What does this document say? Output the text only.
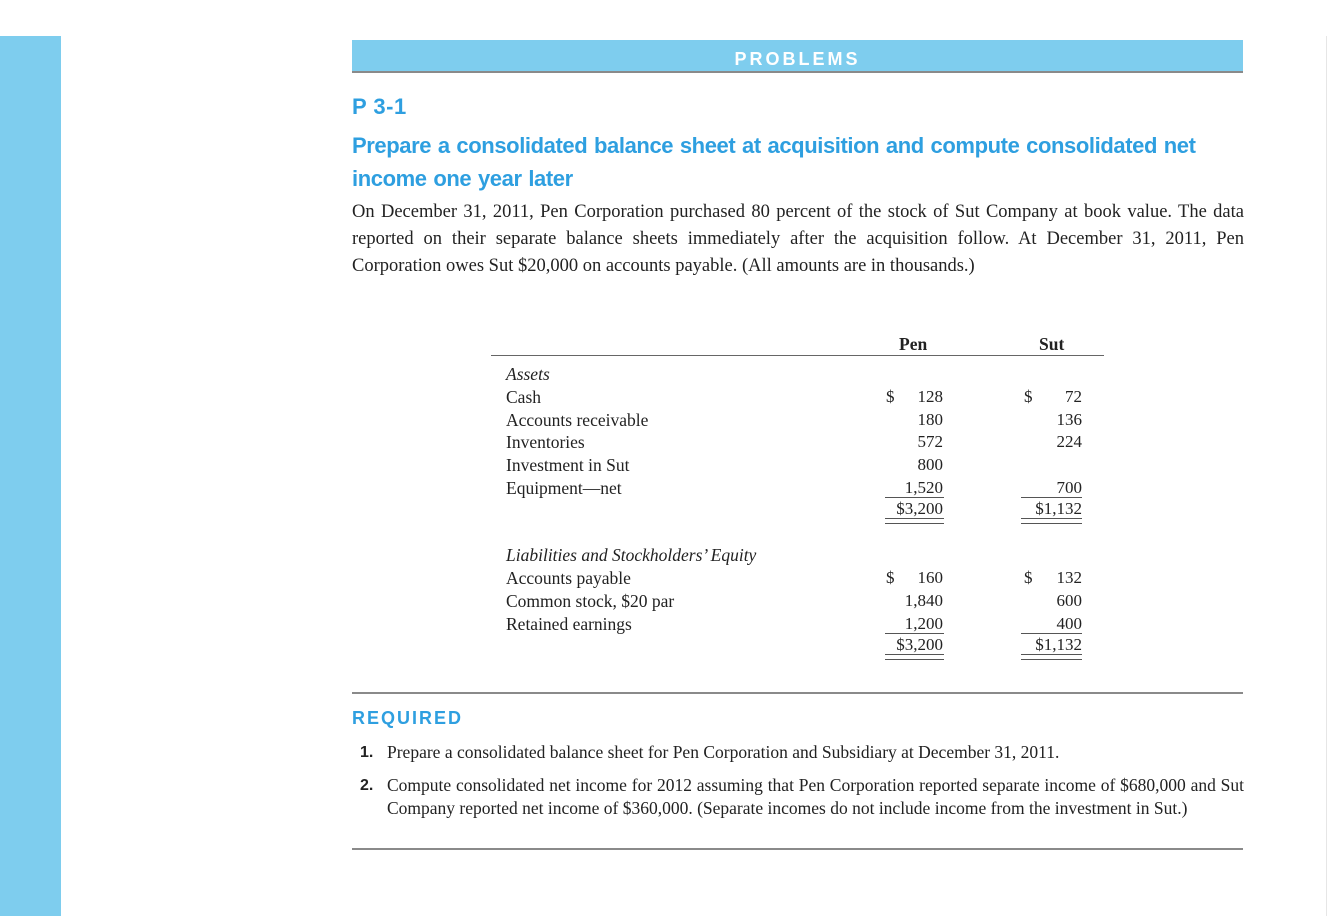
PROBLEMS
P 3-1
Prepare a consolidated balance sheet at acquisition and compute consolidated net income one year later
On December 31, 2011, Pen Corporation purchased 80 percent of the stock of Sut Company at book value. The data reported on their separate balance sheets immediately after the acquisition follow. At December 31, 2011, Pen Corporation owes Sut $20,000 on accounts payable. (All amounts are in thousands.)
Pen	Sut
Assets
Cash	$	128	$	72
Accounts receivable	180	136
Inventories	572	224
Investment in Sut	800
Equipment—net	1,520	700
$3,200	$1,132
Liabilities and Stockholders’ Equity
Accounts payable	$	160	$	132
Common stock, $20 par	1,840	600
Retained earnings	1,200	400
$3,200	$1,132
REQUIRED
1. Prepare a consolidated balance sheet for Pen Corporation and Subsidiary at December 31, 2011.
2. Compute consolidated net income for 2012 assuming that Pen Corporation reported separate income of $680,000 and Sut Company reported net income of $360,000. (Separate incomes do not include income from the investment in Sut.)
